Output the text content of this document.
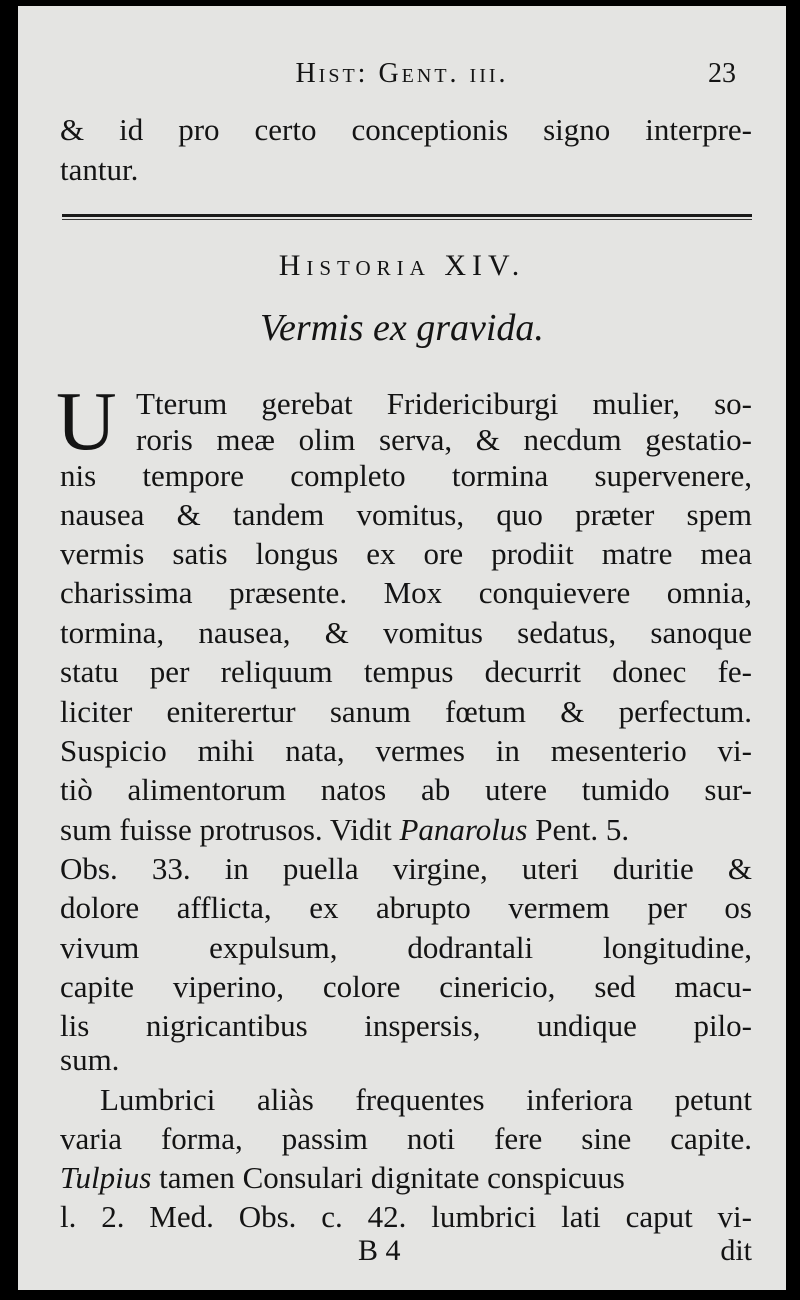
Hist: Gent. iii.	23
& id pro certo conceptionis signo interpre-
tantur.
Historia XIV.
Vermis ex gravida.
U Tterum gerebat Fridericiburgi mulier, so-
roris meæ olim serva, & necdum gestatio-
nis tempore completo tormina supervenere,
nausea & tandem vomitus, quo præter spem
vermis satis longus ex ore prodiit matre mea
charissima præsente. Mox conquievere omnia,
tormina, nausea, & vomitus sedatus, sanoque
statu per reliquum tempus decurrit donec fe-
liciter eniterertur sanum fœtum & perfectum.
Suspicio mihi nata, vermes in mesenterio vi-
tiò alimentorum natos ab utere tumido sur-
sum fuisse protrusos. Vidit Panarolus Pent. 5.
Obs. 33. in puella virgine, uteri duritie &
dolore afflicta, ex abrupto vermem per os
vivum expulsum, dodrantali longitudine,
capite viperino, colore cinericio, sed macu-
lis nigricantibus inspersis, undique pilo-
sum.
Lumbrici aliàs frequentes inferiora petunt
varia forma, passim noti fere sine capite.
Tulpius tamen Consulari dignitate conspicuus
l. 2. Med. Obs. c. 42. lumbrici lati caput vi-
B 4	dit
